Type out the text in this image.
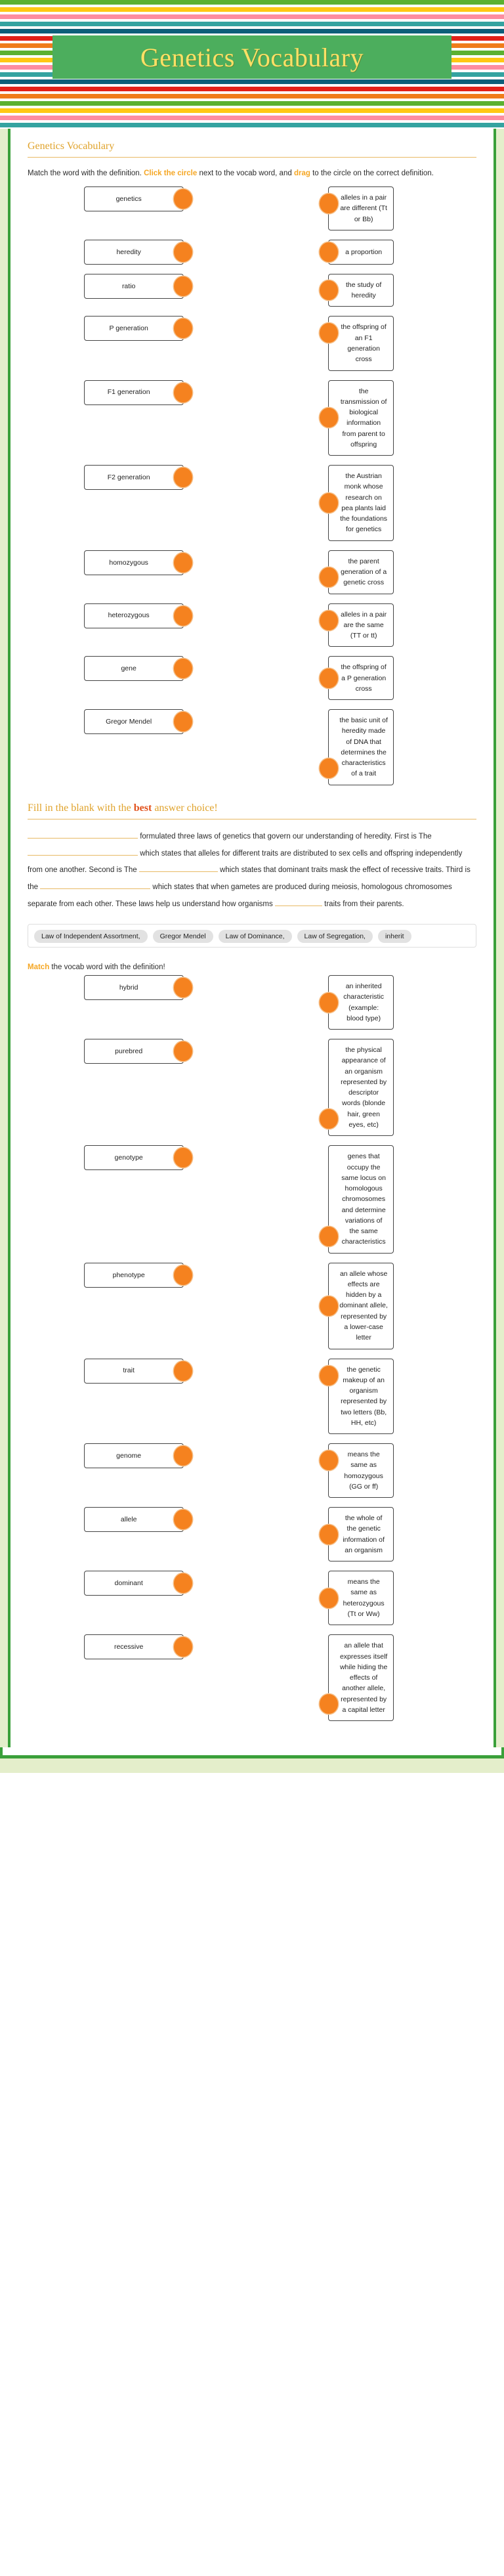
Genetics Vocabulary
Genetics Vocabulary
Match the word with the definition. Click the circle next to the vocab word, and drag to the circle on the correct definition.
genetics	alleles in a pair are different (Tt or Bb)
heredity	a proportion
ratio	the study of heredity
P generation	the offspring of an F1 generation cross
F1 generation	the transmission of biological information from parent to offspring
F2 generation	the Austrian monk whose research on pea plants laid the foundations for genetics
homozygous	the parent generation of a genetic cross
heterozygous	alleles in a pair are the same (TT or tt)
gene	the offspring of a P generation cross
Gregor Mendel	the basic unit of heredity made of DNA that determines the characteristics of a trait
Fill in the blank with the best answer choice!
formulated three laws of genetics that govern our understanding of heredity. First is The  which states that alleles for different traits are distributed to sex cells and offspring independently from one another. Second is The	which states that dominant traits mask the effect of recessive traits. Third is the	which states that when gametes are produced during meiosis, homologous chromosomes separate from each other. These laws help us understand how organisms	traits from their parents.
Law of Independent Assortment,	Gregor Mendel	Law of Dominance,	Law of Segregation,	inherit
Match the vocab word with the definition!
hybrid	an inherited characteristic (example: blood type)
purebred	the physical appearance of an organism represented by descriptor words (blonde hair, green eyes, etc)
genotype	genes that occupy the same locus on homologous chromosomes and determine variations of the same characteristics
phenotype	an allele whose effects are hidden by a dominant allele, represented by a lower-case letter
trait	the genetic makeup of an organism represented by two letters (Bb, HH, etc)
genome	means the same as homozygous (GG or ff)
allele	the whole of the genetic information of an organism
dominant	means the same as heterozygous (Tt or Ww)
recessive	an allele that expresses itself while hiding the effects of another allele, represented by a capital letter
